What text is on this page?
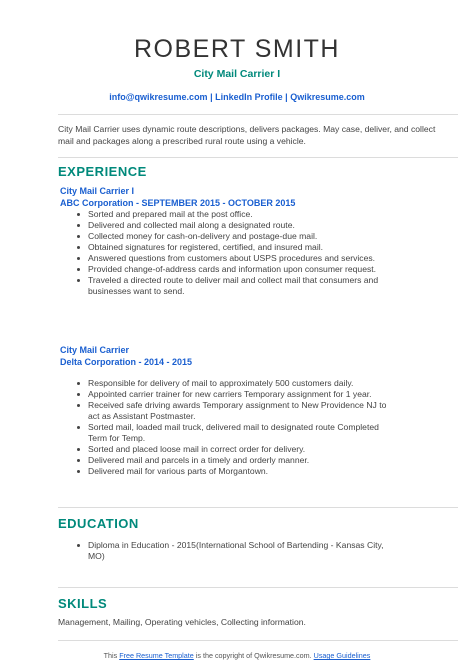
ROBERT SMITH
City Mail Carrier I
info@qwikresume.com | LinkedIn Profile | Qwikresume.com
City Mail Carrier uses dynamic route descriptions, delivers packages. May case, deliver, and collect mail and packages along a prescribed rural route using a vehicle.
EXPERIENCE
City Mail Carrier I
ABC Corporation - SEPTEMBER 2015 - OCTOBER 2015
Sorted and prepared mail at the post office.
Delivered and collected mail along a designated route.
Collected money for cash-on-delivery and postage-due mail.
Obtained signatures for registered, certified, and insured mail.
Answered questions from customers about USPS procedures and services.
Provided change-of-address cards and information upon consumer request.
Traveled a directed route to deliver mail and collect mail that consumers and businesses want to send.
City Mail Carrier
Delta Corporation - 2014 - 2015
Responsible for delivery of mail to approximately 500 customers daily.
Appointed carrier trainer for new carriers Temporary assignment for 1 year.
Received safe driving awards Temporary assignment to New Providence NJ to act as Assistant Postmaster.
Sorted mail, loaded mail truck, delivered mail to designated route Completed Term for Temp.
Sorted and placed loose mail in correct order for delivery.
Delivered mail and parcels in a timely and orderly manner.
Delivered mail for various parts of Morgantown.
EDUCATION
Diploma in Education - 2015(International School of Bartending - Kansas City, MO)
SKILLS
Management, Mailing, Operating vehicles, Collecting information.
This Free Resume Template is the copyright of Qwikresume.com. Usage Guidelines
